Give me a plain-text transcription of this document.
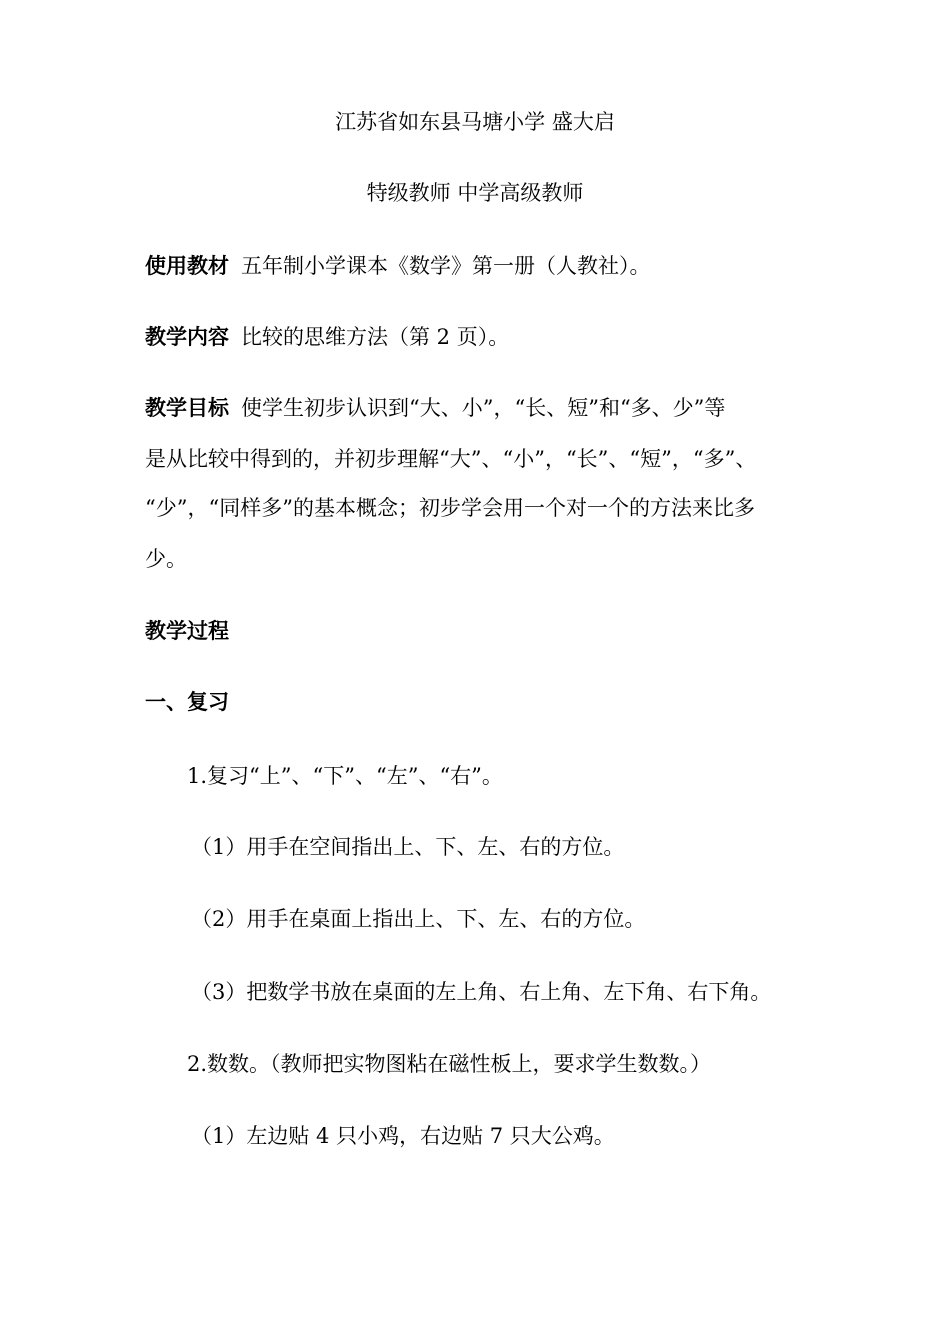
江苏省如东县马塘小学 盛大启
特级教师 中学高级教师
使用教材 五年制小学课本《数学》第一册（人教社）。
教学内容 比较的思维方法（第 2 页）。
教学目标 使学生初步认识到“大、小”，“长、短”和“多、少”等
是从比较中得到的，并初步理解“大”、“小”，“长”、“短”，“多”、
“少”，“同样多”的基本概念；初步学会用一个对一个的方法来比多
少。
教学过程
一、复习
1.复习“上”、“下”、“左”、“右”。
（1）用手在空间指出上、下、左、右的方位。
（2）用手在桌面上指出上、下、左、右的方位。
（3）把数学书放在桌面的左上角、右上角、左下角、右下角。
2.数数。（教师把实物图粘在磁性板上，要求学生数数。）
（1）左边贴 4 只小鸡，右边贴 7 只大公鸡。
